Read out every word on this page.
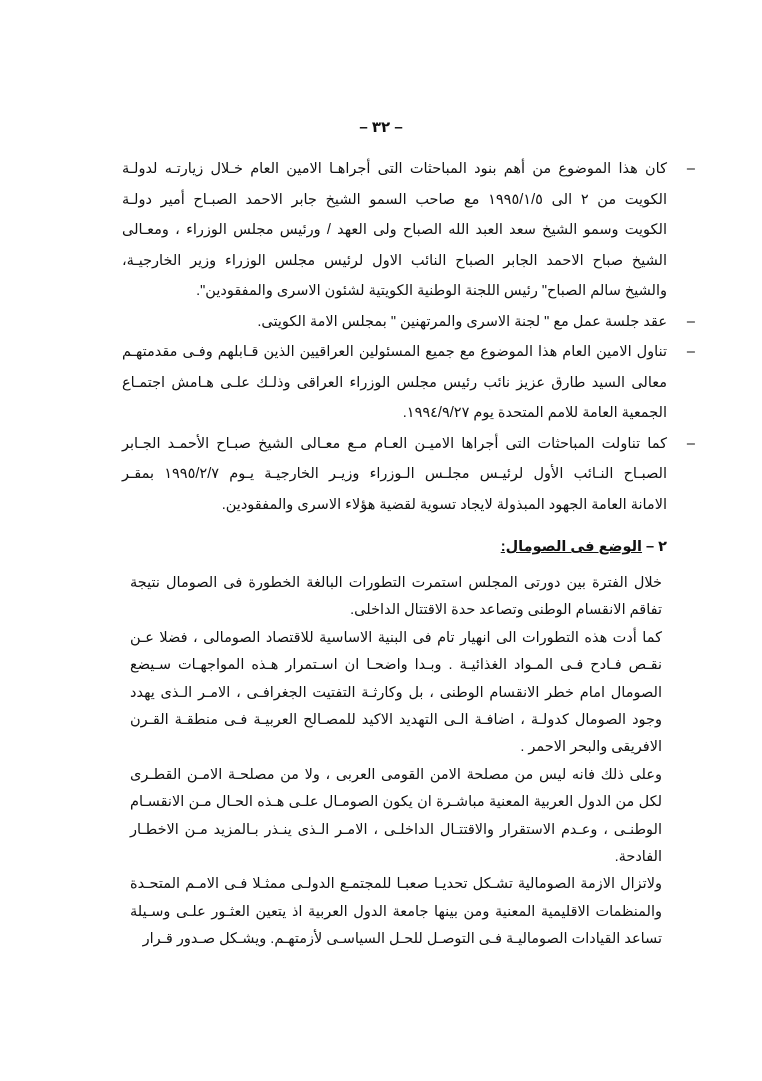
– ٣٢ –
–
كان هذا الموضوع من أهم بنود المباحثات التى أجراهـا الامين العام خـلال زيارتـه لدولـة
الكويت من ٢ الى ١٩٩٥/١/٥ مع صاحب السمو الشيخ جابر الاحمد الصبـاح أمير دولـة
الكويت وسمو الشيخ سعد العبد الله الصباح ولى العهد / ورئيس مجلس الوزراء ، ومعـالى
الشيخ صباح الاحمد الجابر الصباح النائب الاول لرئيس مجلس الوزراء وزير الخارجيـة،
والشيخ سالم الصباح" رئيس اللجنة الوطنية الكويتية لشئون الاسرى والمفقودين".
–
عقد جلسة عمل مع " لجنة الاسرى والمرتهنين " بمجلس الامة الكويتى.
–
تناول الامين العام هذا الموضوع مع جميع المسئولين العراقيين الذين قـابلهم وفـى مقدمتهـم
معالى السيد طارق عزيز نائب رئيس مجلس الوزراء العراقى وذلـك علـى هـامش اجتمـاع
الجمعية العامة للامم المتحدة يوم ١٩٩٤/٩/٢٧.
–
كما تناولت المباحثات التى أجراها الاميـن العـام مـع معـالى الشيخ صبـاح الأحمـد الجـابر
الصبـاح النـائب الأول لرئيـس مجلـس الـوزراء وزيـر الخارجيـة يـوم ١٩٩٥/٢/٧ بمقـر
الامانة العامة الجهود المبذولة لايجاد تسوية لقضية هؤلاء الاسرى والمفقودين.
٢ – الوضع فى الصومال:
خلال الفترة بين دورتى المجلس استمرت التطورات البالغة الخطورة فى الصومال نتيجة
تفاقم الانقسام الوطنى وتصاعد حدة الاقتتال الداخلى.
كما أدت هذه التطورات الى انهيار تام فى البنية الاساسية للاقتصاد الصومالى ، فضلا عـن
نقـص فـادح فـى المـواد الغذائيـة . وبـدا واضحـا ان اسـتمرار هـذه المواجهـات سـيضع
الصومال امام خطر الانقسام الوطنى ، بل وكارثـة التفتيت الجغرافـى ، الامـر الـذى يهدد
وجود الصومال كدولـة ، اضافـة الـى التهديد الاكيد للمصـالح العربيـة فـى منطقـة القـرن
الافريقى والبحر الاحمر .
وعلى ذلك فانه ليس من مصلحة الامن القومى العربى ، ولا من مصلحـة الامـن القطـرى
لكل من الدول العربية المعنية مباشـرة ان يكون الصومـال علـى هـذه الحـال مـن الانقسـام
الوطنـى ، وعـدم الاستقرار والاقتتـال الداخلـى ، الامـر الـذى ينـذر بـالمزيد مـن الاخطـار
الفادحة.
ولاتزال الازمة الصومالية تشـكل تحديـا صعبـا للمجتمـع الدولـى ممثـلا فـى الامـم المتحـدة
والمنظمات الاقليمية المعنية ومن بينها جامعة الدول العربية اذ يتعين العثـور علـى وسـيلة
تساعد القيادات الصوماليـة فـى التوصـل للحـل السياسـى لأزمتهـم. ويشـكل صـدور قـرار
